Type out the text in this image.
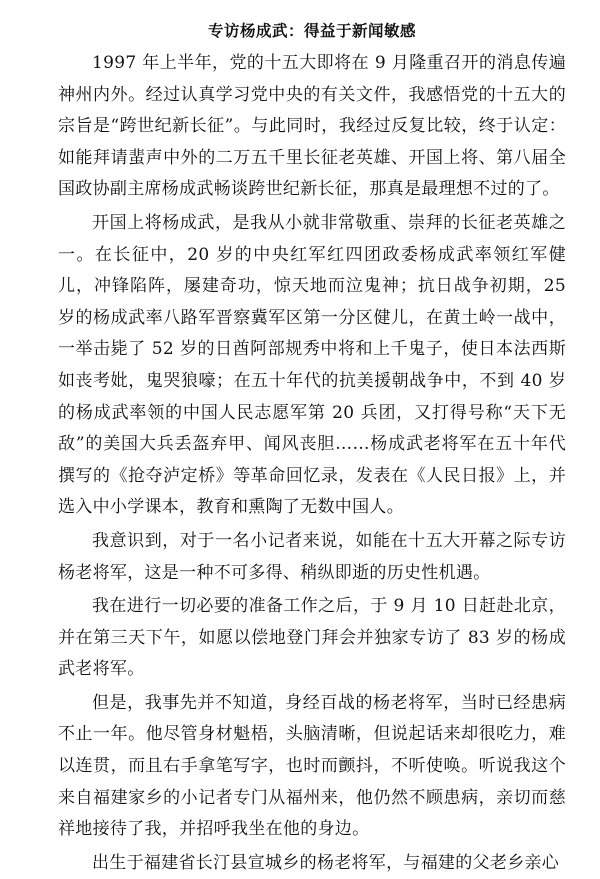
专访杨成武：得益于新闻敏感

1997 年上半年，党的十五大即将在 9 月隆重召开的消息传遍神州内外。经过认真学习党中央的有关文件，我感悟党的十五大的宗旨是“跨世纪新长征”。与此同时，我经过反复比较，终于认定：如能拜请蜚声中外的二万五千里长征老英雄、开国上将、第八届全国政协副主席杨成武畅谈跨世纪新长征，那真是最理想不过的了。

开国上将杨成武，是我从小就非常敬重、崇拜的长征老英雄之一。在长征中，20 岁的中央红军红四团政委杨成武率领红军健儿，冲锋陷阵，屡建奇功，惊天地而泣鬼神；抗日战争初期，25 岁的杨成武率八路军晋察冀军区第一分区健儿，在黄土岭一战中，一举击毙了 52 岁的日酋阿部规秀中将和上千鬼子，使日本法西斯如丧考妣，鬼哭狼嚎；在五十年代的抗美援朝战争中，不到 40 岁的杨成武率领的中国人民志愿军第 20 兵团，又打得号称“天下无敌”的美国大兵丢盔弃甲、闻风丧胆……杨成武老将军在五十年代撰写的《抢夺泸定桥》等革命回忆录，发表在《人民日报》上，并选入中小学课本，教育和熏陶了无数中国人。

我意识到，对于一名小记者来说，如能在十五大开幕之际专访杨老将军，这是一种不可多得、稍纵即逝的历史性机遇。

我在进行一切必要的准备工作之后，于 9 月 10 日赶赴北京，并在第三天下午，如愿以偿地登门拜会并独家专访了 83 岁的杨成武老将军。

但是，我事先并不知道，身经百战的杨老将军，当时已经患病不止一年。他尽管身材魁梧，头脑清晰，但说起话来却很吃力，难以连贯，而且右手拿笔写字，也时而颤抖，不听使唤。听说我这个来自福建家乡的小记者专门从福州来，他仍然不顾患病，亲切而慈祥地接待了我，并招呼我坐在他的身边。

出生于福建省长汀县宣城乡的杨老将军，与福建的父老乡亲心
